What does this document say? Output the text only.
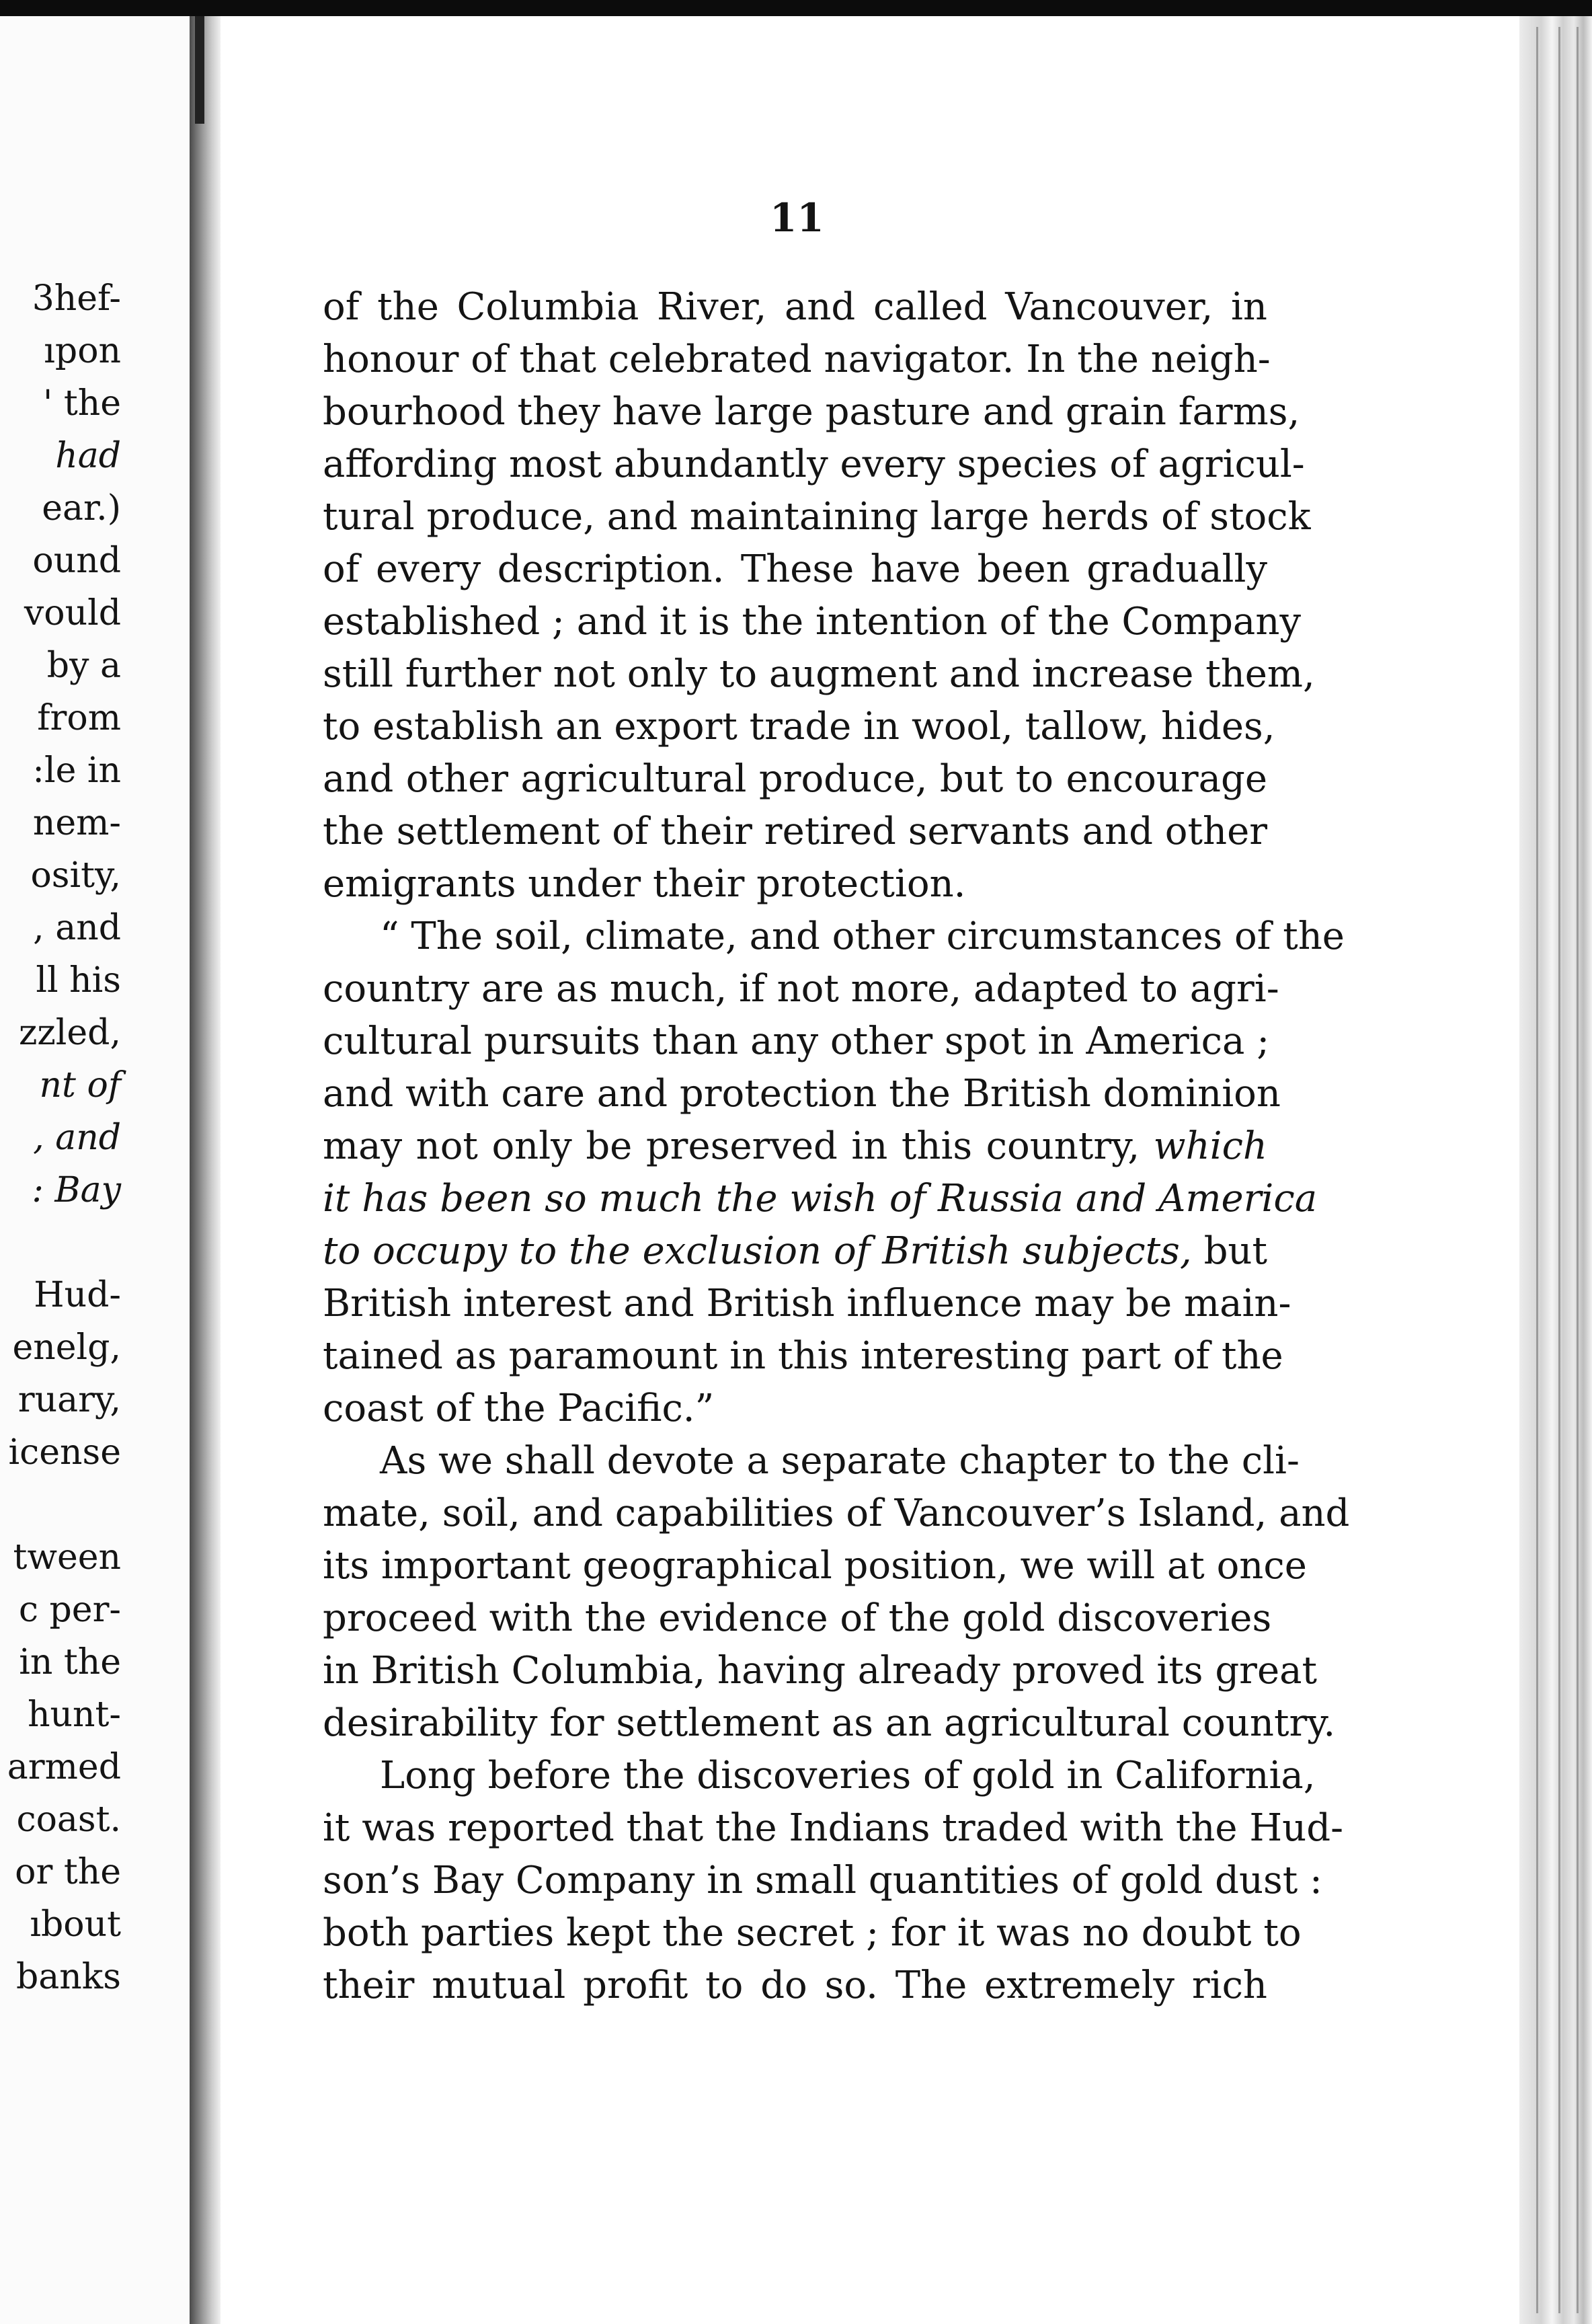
3hef-
ıpon
' the
had
ear.)
ound
vould
by a
from
:le in
nem-
osity,
, and
ll his
zzled,
nt of
, and
: Bay
Hud-
enelg,
ruary,
icense
tween
c per-
in the
hunt-
armed
coast.
or the
ıbout
banks
11
of the Columbia River, and called Vancouver, in
honour of that celebrated navigator. In the neigh-
bourhood they have large pasture and grain farms,
affording most abundantly every species of agricul-
tural produce, and maintaining large herds of stock
of every description. These have been gradually
established ; and it is the intention of the Company
still further not only to augment and increase them,
to establish an export trade in wool, tallow, hides,
and other agricultural produce, but to encourage
the settlement of their retired servants and other
emigrants under their protection.
“ The soil, climate, and other circumstances of the
country are as much, if not more, adapted to agri-
cultural pursuits than any other spot in America ;
and with care and protection the British dominion
may not only be preserved in this country, which
it has been so much the wish of Russia and America
to occupy to the exclusion of British subjects, but
British interest and British influence may be main-
tained as paramount in this interesting part of the
coast of the Pacific.”
As we shall devote a separate chapter to the cli-
mate, soil, and capabilities of Vancouver’s Island, and
its important geographical position, we will at once
proceed with the evidence of the gold discoveries
in British Columbia, having already proved its great
desirability for settlement as an agricultural country.
Long before the discoveries of gold in California,
it was reported that the Indians traded with the Hud-
son’s Bay Company in small quantities of gold dust :
both parties kept the secret ; for it was no doubt to
their mutual profit to do so. The extremely rich
